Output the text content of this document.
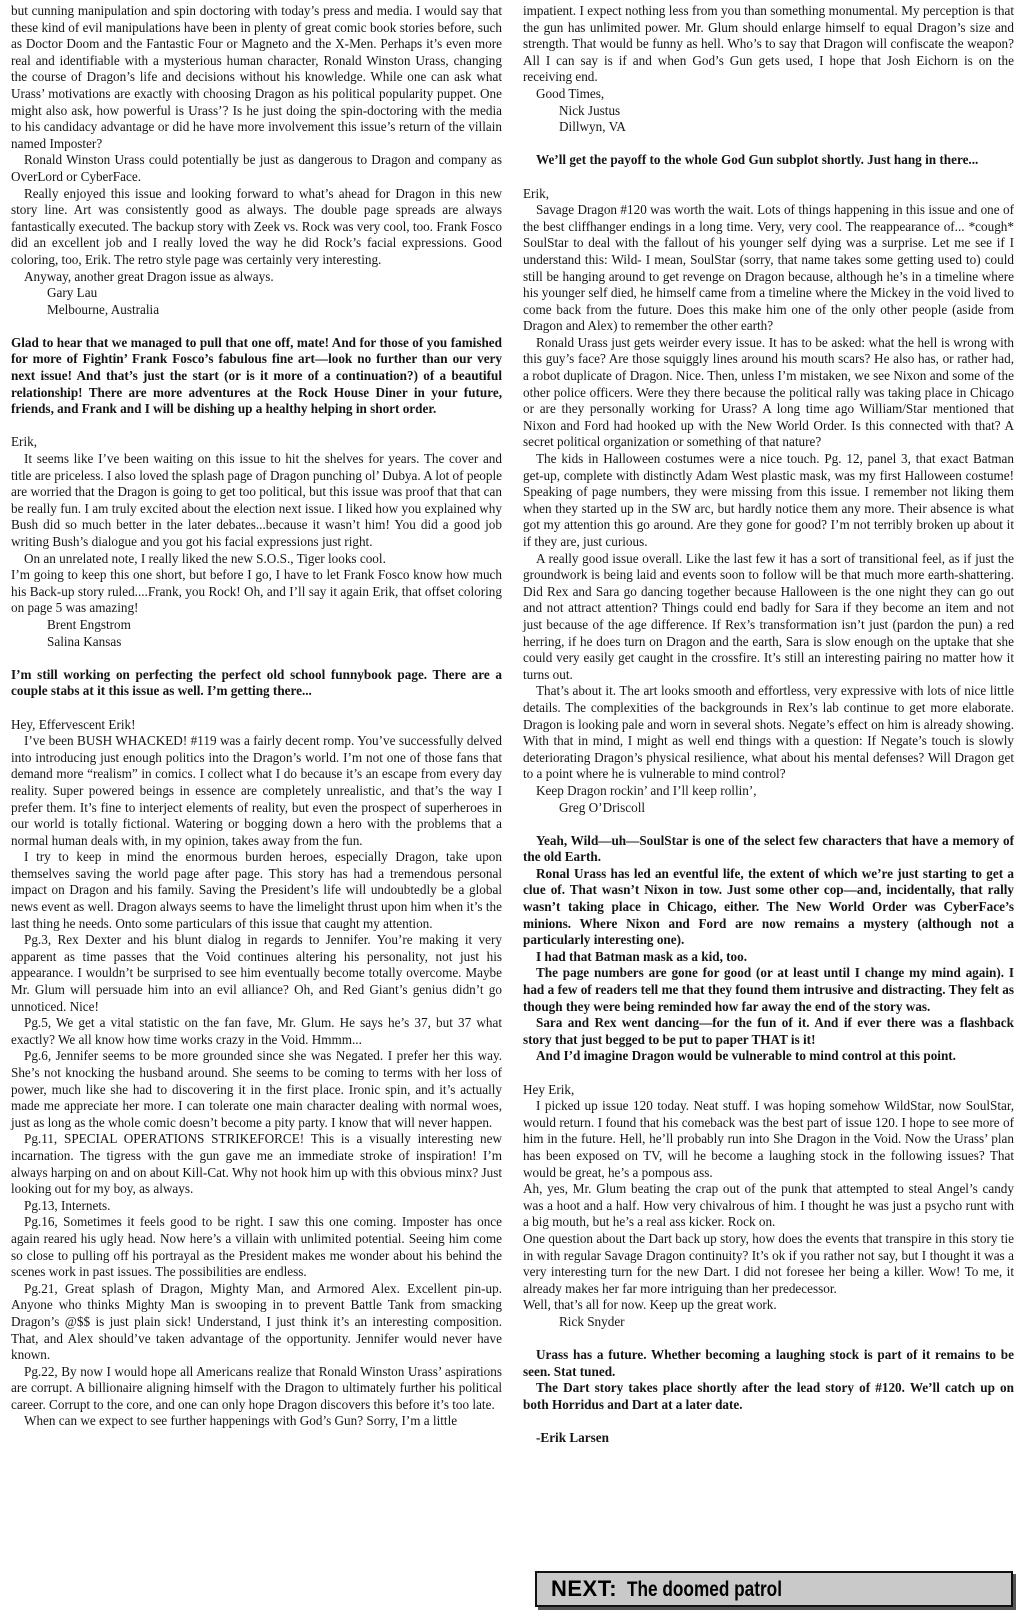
but cunning manipulation and spin doctoring with today’s press and media. I would say that these kind of evil manipulations have been in plenty of great comic book stories before, such as Doctor Doom and the Fantastic Four or Magneto and the X-Men. Perhaps it’s even more real and identifiable with a mysterious human character, Ronald Winston Urass, changing the course of Dragon’s life and decisions without his knowledge. While one can ask what Urass’ motivations are exactly with choosing Dragon as his political popularity puppet. One might also ask, how powerful is Urass’? Is he just doing the spin-doctoring with the media to his candidacy advantage or did he have more involvement this issue’s return of the villain named Imposter?

Ronald Winston Urass could potentially be just as dangerous to Dragon and company as OverLord or CyberFace.

Really enjoyed this issue and looking forward to what’s ahead for Dragon in this new story line. Art was consistently good as always. The double page spreads are always fantastically executed. The backup story with Zeek vs. Rock was very cool, too. Frank Fosco did an excellent job and I really loved the way he did Rock’s facial expressions. Good coloring, too, Erik. The retro style page was certainly very interesting.

Anyway, another great Dragon issue as always.

Gary Lau

Melbourne, Australia

Glad to hear that we managed to pull that one off, mate! And for those of you famished for more of Fightin’ Frank Fosco’s fabulous fine art—look no further than our very next issue! And that’s just the start (or is it more of a continuation?) of a beautiful relationship! There are more adventures at the Rock House Diner in your future, friends, and Frank and I will be dishing up a healthy helping in short order.

Erik,

It seems like I’ve been waiting on this issue to hit the shelves for years. The cover and title are priceless. I also loved the splash page of Dragon punching ol’ Dubya. A lot of people are worried that the Dragon is going to get too political, but this issue was proof that that can be really fun. I am truly excited about the election next issue. I liked how you explained why Bush did so much better in the later debates...because it wasn’t him! You did a good job writing Bush’s dialogue and you got his facial expressions just right.

On an unrelated note, I really liked the new S.O.S., Tiger looks cool.

I’m going to keep this one short, but before I go, I have to let Frank Fosco know how much his Back-up story ruled....Frank, you Rock! Oh, and I’ll say it again Erik, that offset coloring on page 5 was amazing!

Brent Engstrom

Salina Kansas

I’m still working on perfecting the perfect old school funnybook page. There are a couple stabs at it this issue as well. I’m getting there...

Hey, Effervescent Erik!

I’ve been BUSH WHACKED! #119 was a fairly decent romp. You’ve successfully delved into introducing just enough politics into the Dragon’s world. I’m not one of those fans that demand more “realism” in comics. I collect what I do because it’s an escape from every day reality. Super powered beings in essence are completely unrealistic, and that’s the way I prefer them. It’s fine to interject elements of reality, but even the prospect of superheroes in our world is totally fictional. Watering or bogging down a hero with the problems that a normal human deals with, in my opinion, takes away from the fun.

I try to keep in mind the enormous burden heroes, especially Dragon, take upon themselves saving the world page after page. This story has had a tremendous personal impact on Dragon and his family. Saving the President’s life will undoubtedly be a global news event as well. Dragon always seems to have the limelight thrust upon him when it’s the last thing he needs. Onto some particulars of this issue that caught my attention.

Pg.3, Rex Dexter and his blunt dialog in regards to Jennifer. You’re making it very apparent as time passes that the Void continues altering his personality, not just his appearance. I wouldn’t be surprised to see him eventually become totally overcome. Maybe Mr. Glum will persuade him into an evil alliance? Oh, and Red Giant’s genius didn’t go unnoticed. Nice!

Pg.5, We get a vital statistic on the fan fave, Mr. Glum. He says he’s 37, but 37 what exactly? We all know how time works crazy in the Void. Hmmm...

Pg.6, Jennifer seems to be more grounded since she was Negated. I prefer her this way. She’s not knocking the husband around. She seems to be coming to terms with her loss of power, much like she had to discovering it in the first place. Ironic spin, and it’s actually made me appreciate her more. I can tolerate one main character dealing with normal woes, just as long as the whole comic doesn’t become a pity party. I know that will never happen.

Pg.11, SPECIAL OPERATIONS STRIKEFORCE! This is a visually interesting new incarnation. The tigress with the gun gave me an immediate stroke of inspiration! I’m always harping on and on about Kill-Cat. Why not hook him up with this obvious minx? Just looking out for my boy, as always.

Pg.13, Internets.

Pg.16, Sometimes it feels good to be right. I saw this one coming. Imposter has once again reared his ugly head. Now here’s a villain with unlimited potential. Seeing him come so close to pulling off his portrayal as the President makes me wonder about his behind the scenes work in past issues. The possibilities are endless.

Pg.21, Great splash of Dragon, Mighty Man, and Armored Alex. Excellent pin-up. Anyone who thinks Mighty Man is swooping in to prevent Battle Tank from smacking Dragon’s @$$ is just plain sick! Understand, I just think it’s an interesting composition. That, and Alex should’ve taken advantage of the opportunity. Jennifer would never have known.

Pg.22, By now I would hope all Americans realize that Ronald Winston Urass’ aspirations are corrupt. A billionaire aligning himself with the Dragon to ultimately further his political career. Corrupt to the core, and one can only hope Dragon discovers this before it’s too late.

When can we expect to see further happenings with God’s Gun? Sorry, I’m a little

impatient. I expect nothing less from you than something monumental. My perception is that the gun has unlimited power. Mr. Glum should enlarge himself to equal Dragon’s size and strength. That would be funny as hell. Who’s to say that Dragon will confiscate the weapon? All I can say is if and when God’s Gun gets used, I hope that Josh Eichorn is on the receiving end.

Good Times,

Nick Justus

Dillwyn, VA

We’ll get the payoff to the whole God Gun subplot shortly. Just hang in there...

Erik,

Savage Dragon #120 was worth the wait. Lots of things happening in this issue and one of the best cliffhanger endings in a long time. Very, very cool. The reappearance of... *cough* SoulStar to deal with the fallout of his younger self dying was a surprise. Let me see if I understand this: Wild- I mean, SoulStar (sorry, that name takes some getting used to) could still be hanging around to get revenge on Dragon because, although he’s in a timeline where his younger self died, he himself came from a timeline where the Mickey in the void lived to come back from the future. Does this make him one of the only other people (aside from Dragon and Alex) to remember the other earth?

Ronald Urass just gets weirder every issue. It has to be asked: what the hell is wrong with this guy’s face? Are those squiggly lines around his mouth scars? He also has, or rather had, a robot duplicate of Dragon. Nice. Then, unless I’m mistaken, we see Nixon and some of the other police officers. Were they there because the political rally was taking place in Chicago or are they personally working for Urass? A long time ago William/Star mentioned that Nixon and Ford had hooked up with the New World Order. Is this connected with that? A secret political organization or something of that nature?

The kids in Halloween costumes were a nice touch. Pg. 12, panel 3, that exact Batman get-up, complete with distinctly Adam West plastic mask, was my first Halloween costume! Speaking of page numbers, they were missing from this issue. I remember not liking them when they started up in the SW arc, but hardly notice them any more. Their absence is what got my attention this go around. Are they gone for good? I’m not terribly broken up about it if they are, just curious.

A really good issue overall. Like the last few it has a sort of transitional feel, as if just the groundwork is being laid and events soon to follow will be that much more earth-shattering. Did Rex and Sara go dancing together because Halloween is the one night they can go out and not attract attention? Things could end badly for Sara if they become an item and not just because of the age difference. If Rex’s transformation isn’t just (pardon the pun) a red herring, if he does turn on Dragon and the earth, Sara is slow enough on the uptake that she could very easily get caught in the crossfire. It’s still an interesting pairing no matter how it turns out.

That’s about it. The art looks smooth and effortless, very expressive with lots of nice little details. The complexities of the backgrounds in Rex’s lab continue to get more elaborate. Dragon is looking pale and worn in several shots. Negate’s effect on him is already showing. With that in mind, I might as well end things with a question: If Negate’s touch is slowly deteriorating Dragon’s physical resilience, what about his mental defenses? Will Dragon get to a point where he is vulnerable to mind control?

Keep Dragon rockin’ and I’ll keep rollin’,

Greg O’Driscoll

Yeah, Wild—uh—SoulStar is one of the select few characters that have a memory of the old Earth.

Ronal Urass has led an eventful life, the extent of which we’re just starting to get a clue of. That wasn’t Nixon in tow. Just some other cop—and, incidentally, that rally wasn’t taking place in Chicago, either. The New World Order was CyberFace’s minions. Where Nixon and Ford are now remains a mystery (although not a particularly interesting one).

I had that Batman mask as a kid, too.

The page numbers are gone for good (or at least until I change my mind again). I had a few of readers tell me that they found them intrusive and distracting. They felt as though they were being reminded how far away the end of the story was.

Sara and Rex went dancing—for the fun of it. And if ever there was a flashback story that just begged to be put to paper THAT is it!

And I’d imagine Dragon would be vulnerable to mind control at this point.

Hey Erik,

I picked up issue 120 today. Neat stuff. I was hoping somehow WildStar, now SoulStar, would return. I found that his comeback was the best part of issue 120. I hope to see more of him in the future. Hell, he’ll probably run into She Dragon in the Void. Now the Urass’ plan has been exposed on TV, will he become a laughing stock in the following issues? That would be great, he’s a pompous ass.

Ah, yes, Mr. Glum beating the crap out of the punk that attempted to steal Angel’s candy was a hoot and a half. How very chivalrous of him. I thought he was just a psycho runt with a big mouth, but he’s a real ass kicker. Rock on.

One question about the Dart back up story, how does the events that transpire in this story tie in with regular Savage Dragon continuity? It’s ok if you rather not say, but I thought it was a very interesting turn for the new Dart. I did not foresee her being a killer. Wow! To me, it already makes her far more intriguing than her predecessor.

Well, that’s all for now. Keep up the great work.

Rick Snyder

Urass has a future. Whether becoming a laughing stock is part of it remains to be seen. Stat tuned.

The Dart story takes place shortly after the lead story of #120. We’ll catch up on both Horridus and Dart at a later date.

-Erik Larsen

NEXT: The doomed patrol
